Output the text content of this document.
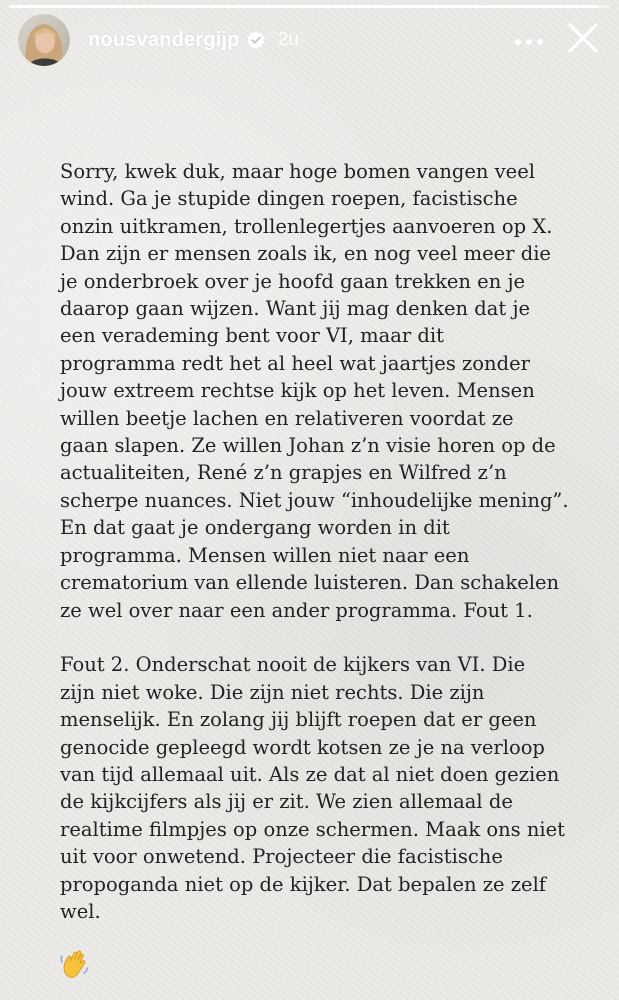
nousvandergijp 2u

Sorry, kwek duk, maar hoge bomen vangen veel
wind. Ga je stupide dingen roepen, facistische
onzin uitkramen, trollenlegertjes aanvoeren op X.
Dan zijn er mensen zoals ik, en nog veel meer die
je onderbroek over je hoofd gaan trekken en je
daarop gaan wijzen. Want jij mag denken dat je
een verademing bent voor VI, maar dit
programma redt het al heel wat jaartjes zonder
jouw extreem rechtse kijk op het leven. Mensen
willen beetje lachen en relativeren voordat ze
gaan slapen. Ze willen Johan z’n visie horen op de
actualiteiten, René z’n grapjes en Wilfred z’n
scherpe nuances. Niet jouw “inhoudelijke mening”.
En dat gaat je ondergang worden in dit
programma. Mensen willen niet naar een
crematorium van ellende luisteren. Dan schakelen
ze wel over naar een ander programma. Fout 1.

Fout 2. Onderschat nooit de kijkers van VI. Die
zijn niet woke. Die zijn niet rechts. Die zijn
menselijk. En zolang jij blijft roepen dat er geen
genocide gepleegd wordt kotsen ze je na verloop
van tijd allemaal uit. Als ze dat al niet doen gezien
de kijkcijfers als jij er zit. We zien allemaal de
realtime filmpjes op onze schermen. Maak ons niet
uit voor onwetend. Projecteer die facistische
propoganda niet op de kijker. Dat bepalen ze zelf
wel.
